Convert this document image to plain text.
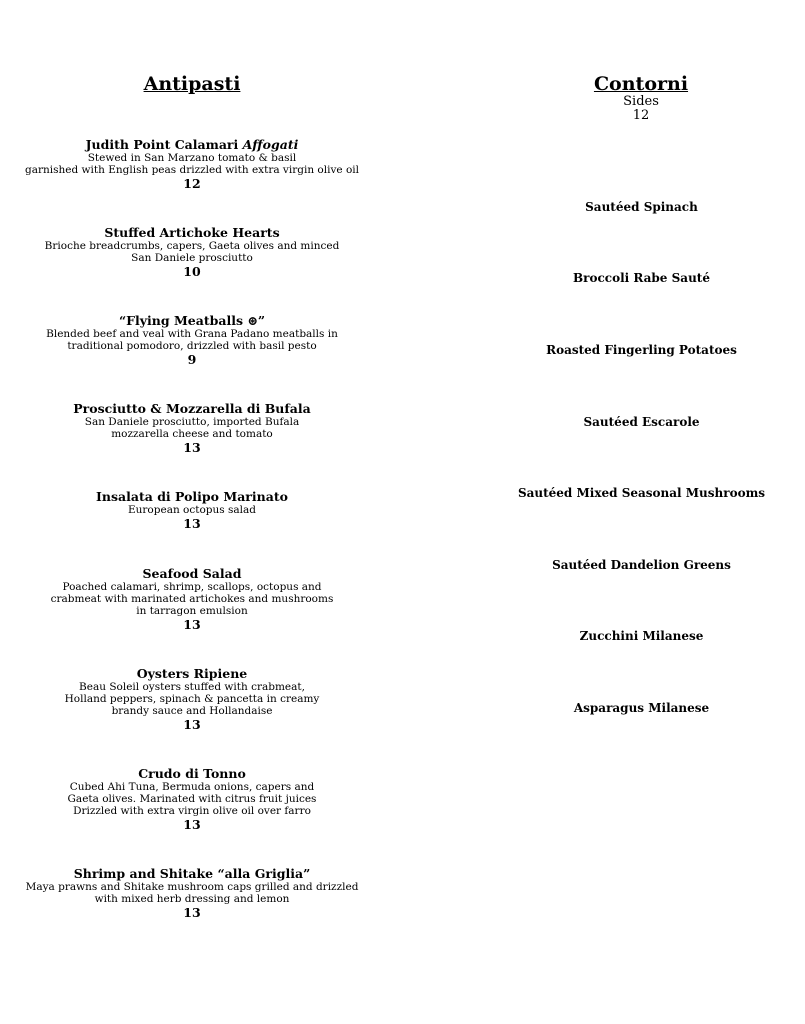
Antipasti	Contorni
Sides
12
Judith Point Calamari Affogati
Stewed in San Marzano tomato & basil
garnished with English peas drizzled with extra virgin olive oil
12
Stuffed Artichoke Hearts
Brioche breadcrumbs, capers, Gaeta olives and minced
San Daniele prosciutto
10
“Flying Meatballs ⊛”
Blended beef and veal with Grana Padano meatballs in
traditional pomodoro, drizzled with basil pesto
9
Prosciutto & Mozzarella di Bufala
San Daniele prosciutto, imported Bufala
mozzarella cheese and tomato
13
Insalata di Polipo Marinato
European octopus salad
13
Seafood Salad
Poached calamari, shrimp, scallops, octopus and
crabmeat with marinated artichokes and mushrooms
in tarragon emulsion
13
Oysters Ripiene
Beau Soleil oysters stuffed with crabmeat,
Holland peppers, spinach & pancetta in creamy
brandy sauce and Hollandaise
13
Crudo di Tonno
Cubed Ahi Tuna, Bermuda onions, capers and
Gaeta olives. Marinated with citrus fruit juices
Drizzled with extra virgin olive oil over farro
13
Shrimp and Shitake “alla Griglia”
Maya prawns and Shitake mushroom caps grilled and drizzled
with mixed herb dressing and lemon
13
Sautéed Spinach
Broccoli Rabe Sauté
Roasted Fingerling Potatoes
Sautéed Escarole
Sautéed Mixed Seasonal Mushrooms
Sautéed Dandelion Greens
Zucchini Milanese
Asparagus Milanese
